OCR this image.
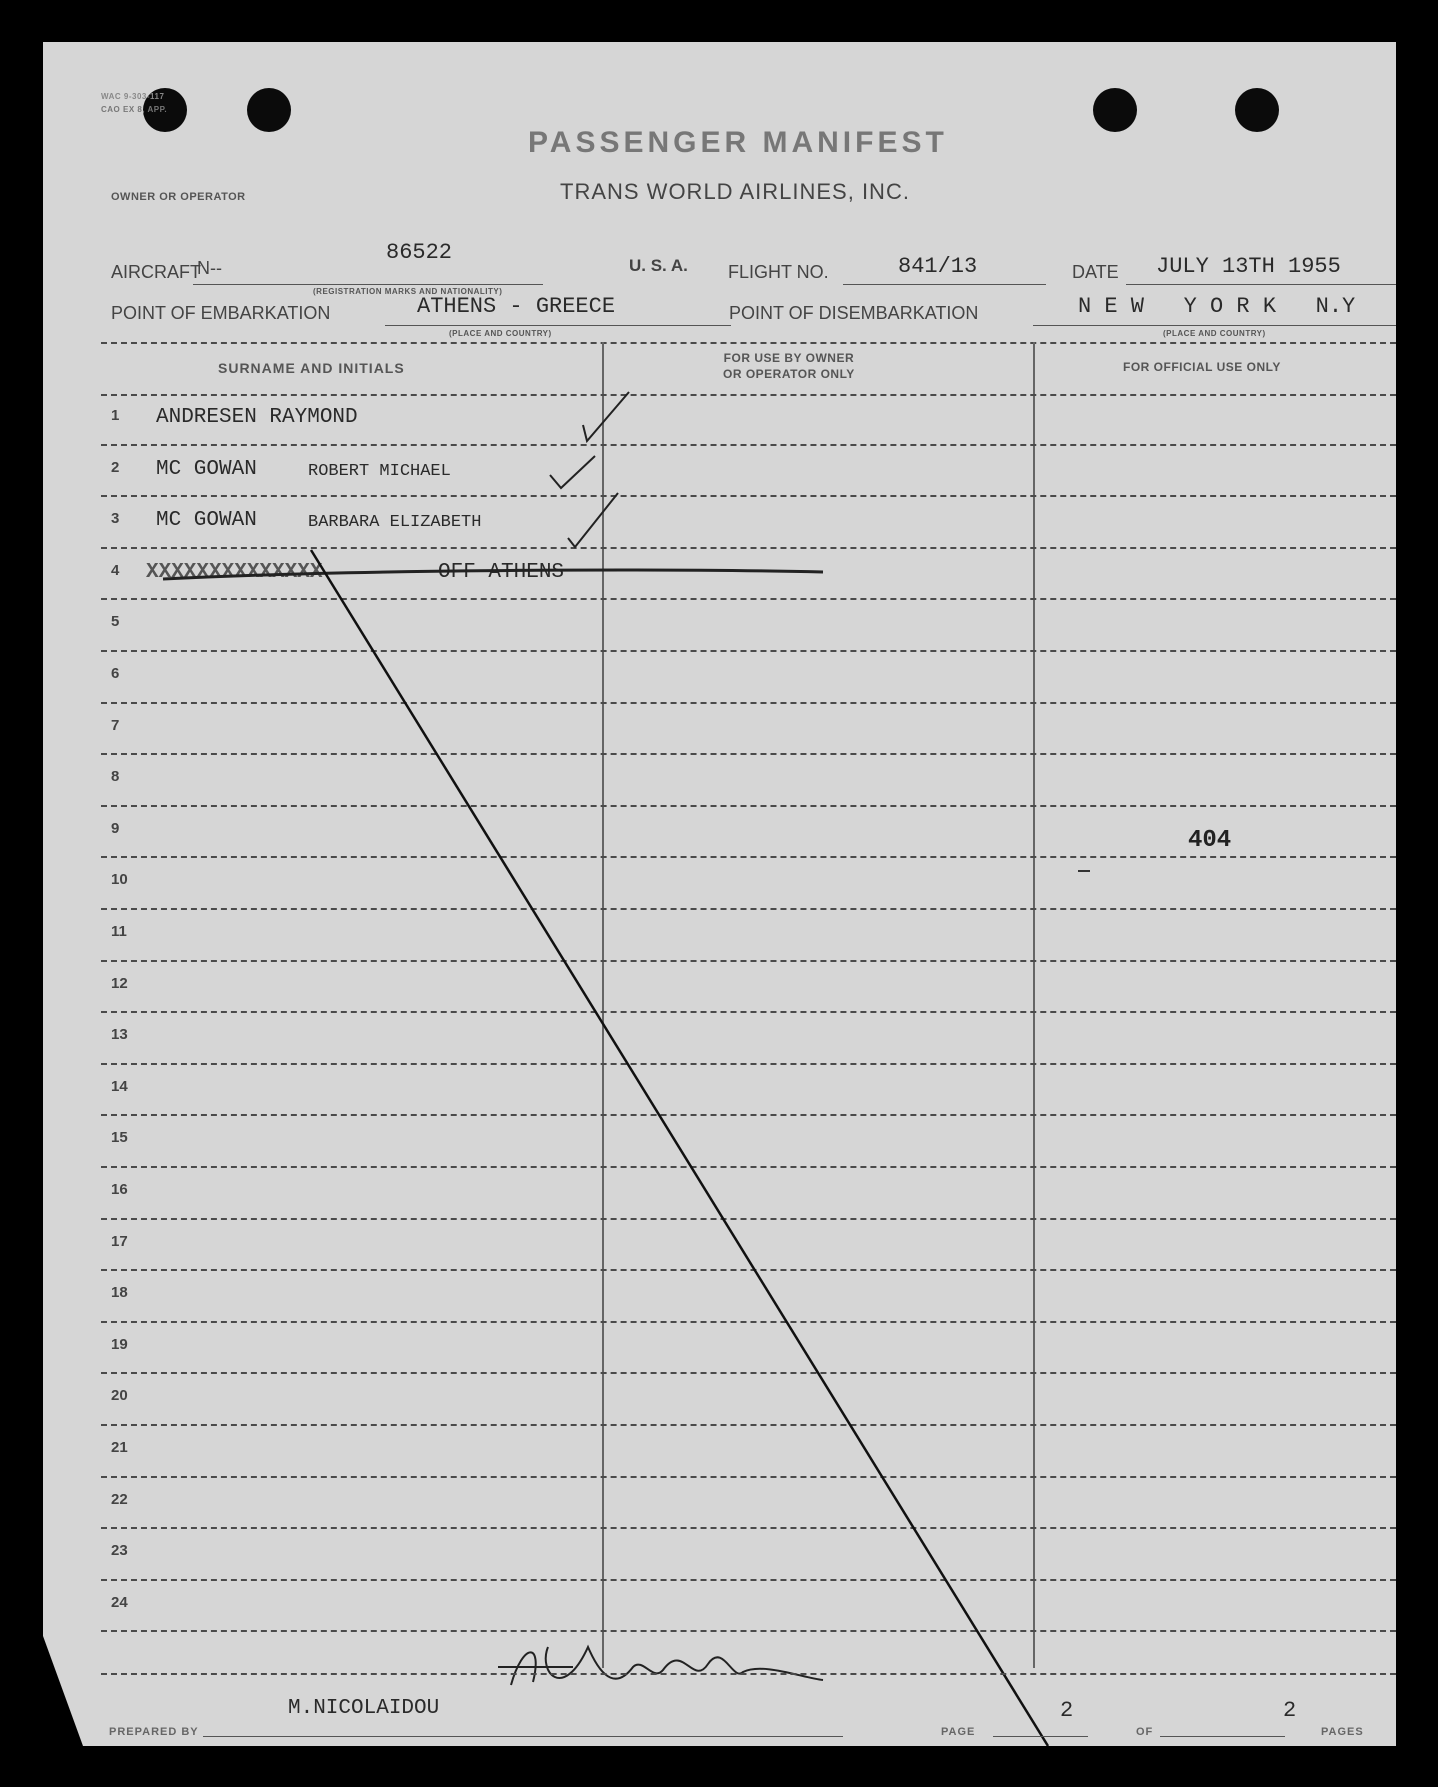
WAC 9-303-117
CAO EX 8, APP.
PASSENGER MANIFEST
TRANS WORLD AIRLINES, INC.
OWNER OR OPERATOR
AIRCRAFT
N--
86522
(REGISTRATION MARKS AND NATIONALITY)
U. S. A. FLIGHT NO.	841/13	DATE JULY 13TH 1955
POINT OF EMBARKATION	ATHENS - GREECE
(PLACE AND COUNTRY)
POINT OF DISEMBARKATION	N E W   Y O R K   N.Y
(PLACE AND COUNTRY)
SURNAME AND INITIALS
FOR USE BY OWNER
OR OPERATOR ONLY	FOR OFFICIAL USE ONLY
1	ANDRESEN RAYMOND
2	MC GOWAN	ROBERT MICHAEL
3	MC GOWAN	BARBARA ELIZABETH
4	XXXXXXXXXXXXXX	OFF ATHENS
5
6
7
8
9
10
11
12
13
14
15
16
17
18
19
20
21
22
23
24
404
PREPARED BY
M.NICOLAIDOU
PAGE
2
OF
2
PAGES
